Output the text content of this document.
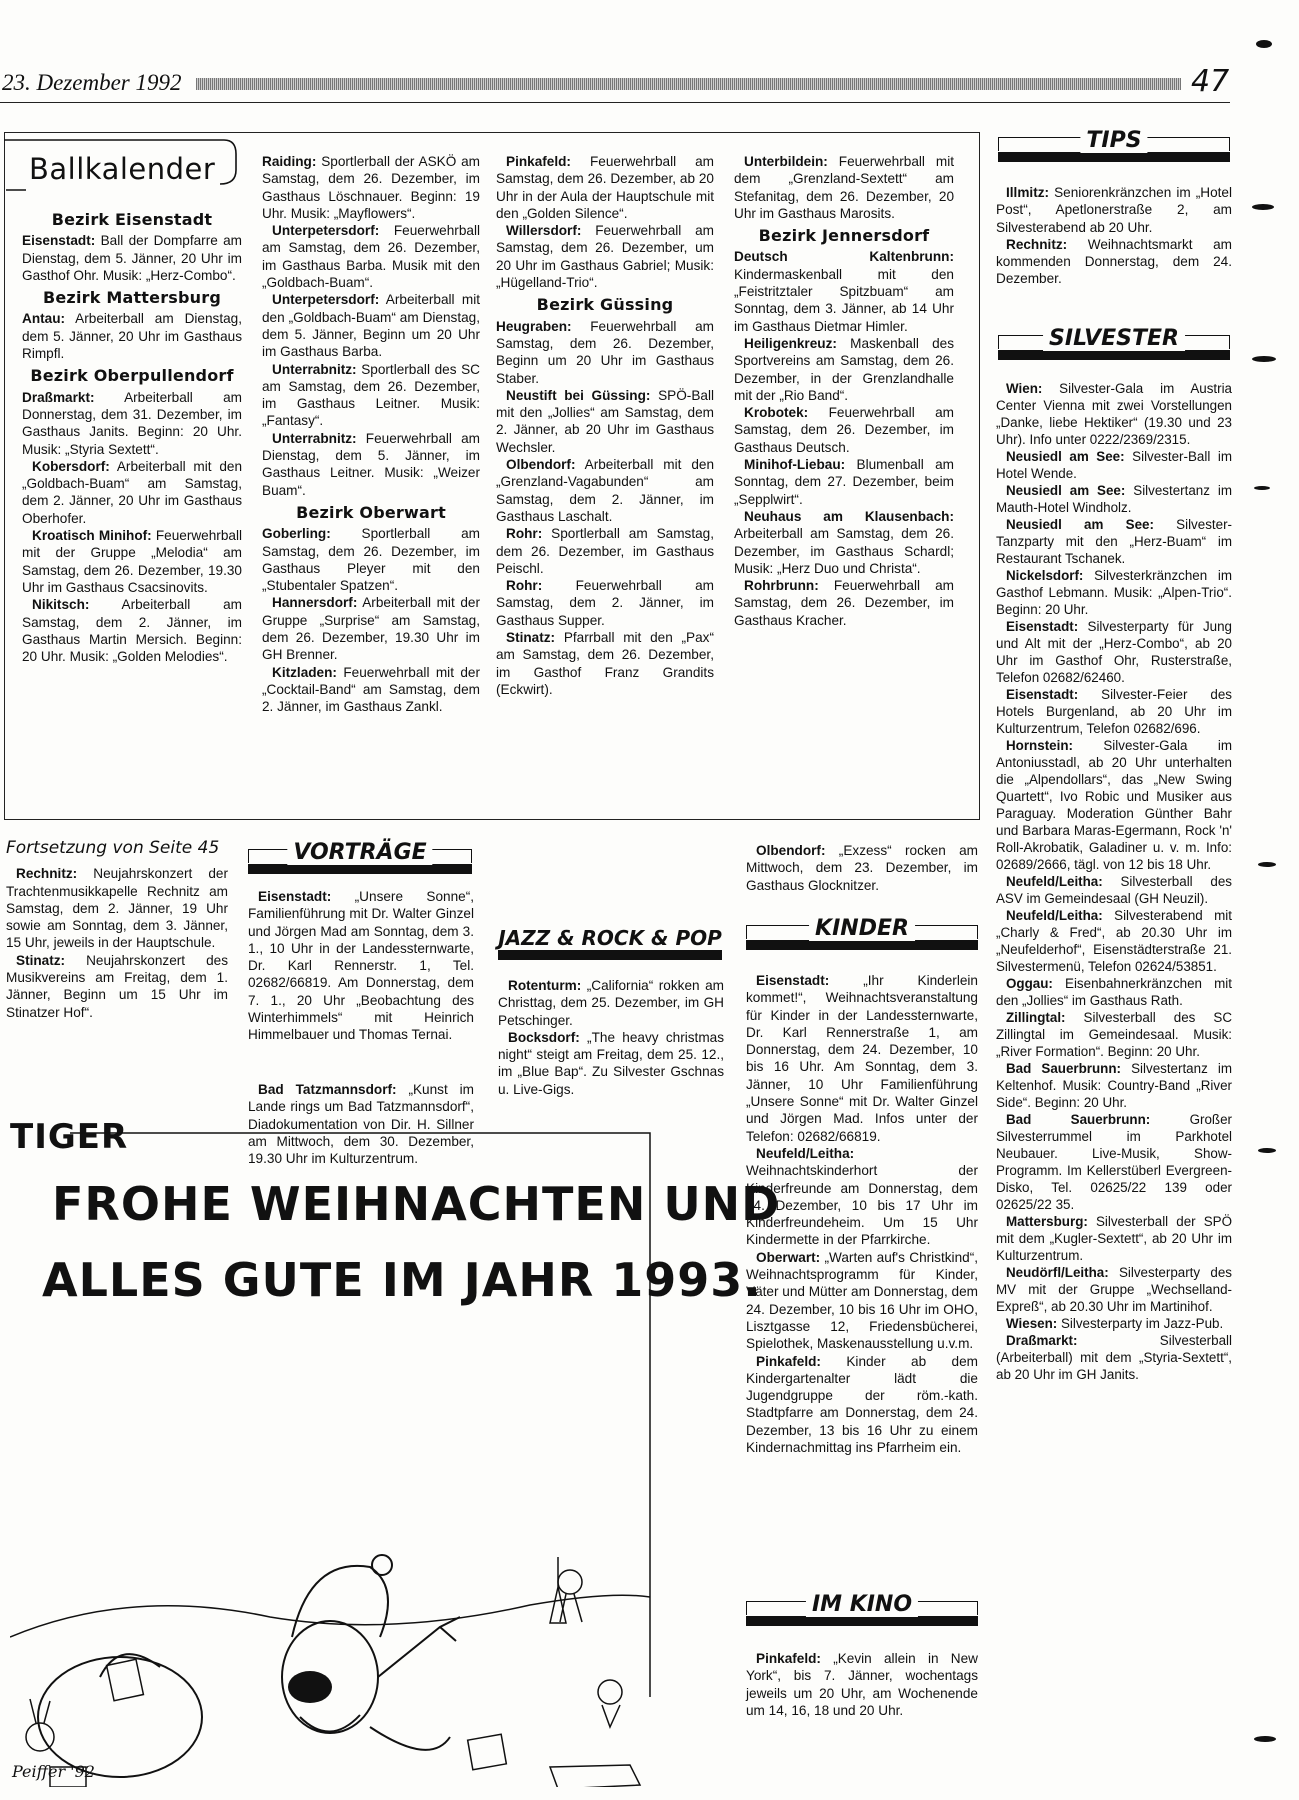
23. Dezember 1992	47
Ballkalender
Bezirk Eisenstadt

Eisenstadt: Ball der Dompfarre am Dienstag, dem 5. Jänner, 20 Uhr im Gasthof Ohr. Musik: „Herz-Combo“.

Bezirk Mattersburg

Antau: Arbeiterball am Dienstag, dem 5. Jänner, 20 Uhr im Gasthaus Rimpfl.

Bezirk Oberpullendorf

Draßmarkt: Arbeiterball am Donnerstag, dem 31. Dezember, im Gasthaus Janits. Beginn: 20 Uhr. Musik: „Styria Sextett“.

Kobersdorf: Arbeiterball mit den „Goldbach-Buam“ am Samstag, dem 2. Jänner, 20 Uhr im Gasthaus Oberhofer.

Kroatisch Minihof: Feuerwehrball mit der Gruppe „Melodia“ am Samstag, dem 26. Dezember, 19.30 Uhr im Gasthaus Csacsinovits.

Nikitsch: Arbeiterball am Samstag, dem 2. Jänner, im Gasthaus Martin Mersich. Beginn: 20 Uhr. Musik: „Golden Melodies“.

Raiding: Sportlerball der ASKÖ am Samstag, dem 26. Dezember, im Gasthaus Löschnauer. Beginn: 19 Uhr. Musik: „Mayflowers“.

Unterpetersdorf: Feuerwehrball am Samstag, dem 26. Dezember, im Gasthaus Barba. Musik mit den „Goldbach-Buam“.

Unterpetersdorf: Arbeiterball mit den „Goldbach-Buam“ am Dienstag, dem 5. Jänner, Beginn um 20 Uhr im Gasthaus Barba.

Unterrabnitz: Sportlerball des SC am Samstag, dem 26. Dezember, im Gasthaus Leitner. Musik: „Fantasy“.

Unterrabnitz: Feuerwehrball am Dienstag, dem 5. Jänner, im Gasthaus Leitner. Musik: „Weizer Buam“.

Bezirk Oberwart

Goberling: Sportlerball am Samstag, dem 26. Dezember, im Gasthaus Pleyer mit den „Stubentaler Spatzen“.

Hannersdorf: Arbeiterball mit der Gruppe „Surprise“ am Samstag, dem 26. Dezember, 19.30 Uhr im GH Brenner.

Kitzladen: Feuerwehrball mit der „Cocktail-Band“ am Samstag, dem 2. Jänner, im Gasthaus Zankl.

Pinkafeld: Feuerwehrball am Samstag, dem 26. Dezember, ab 20 Uhr in der Aula der Hauptschule mit den „Golden Silence“.

Willersdorf: Feuerwehrball am Samstag, dem 26. Dezember, um 20 Uhr im Gasthaus Gabriel; Musik: „Hügelland-Trio“.

Bezirk Güssing

Heugraben: Feuerwehrball am Samstag, dem 26. Dezember, Beginn um 20 Uhr im Gasthaus Staber.

Neustift bei Güssing: SPÖ-Ball mit den „Jollies“ am Samstag, dem 2. Jänner, ab 20 Uhr im Gasthaus Wechsler.

Olbendorf: Arbeiterball mit den „Grenzland-Vagabunden“ am Samstag, dem 2. Jänner, im Gasthaus Laschalt.

Rohr: Sportlerball am Samstag, dem 26. Dezember, im Gasthaus Peischl.

Rohr: Feuerwehrball am Samstag, dem 2. Jänner, im Gasthaus Supper.

Stinatz: Pfarrball mit den „Pax“ am Samstag, dem 26. Dezember, im Gasthof Franz Grandits (Eckwirt).

Unterbildein: Feuerwehrball mit dem „Grenzland-Sextett“ am Stefanitag, dem 26. Dezember, 20 Uhr im Gasthaus Marosits.

Bezirk Jennersdorf

Deutsch Kaltenbrunn: Kindermaskenball mit den „Feistritztaler Spitzbuam“ am Sonntag, dem 3. Jänner, ab 14 Uhr im Gasthaus Dietmar Himler.

Heiligenkreuz: Maskenball des Sportvereins am Samstag, dem 26. Dezember, in der Grenzlandhalle mit der „Rio Band“.

Krobotek: Feuerwehrball am Samstag, dem 26. Dezember, im Gasthaus Deutsch.

Minihof-Liebau: Blumenball am Sonntag, dem 27. Dezember, beim „Sepplwirt“.

Neuhaus am Klausenbach: Arbeiterball am Samstag, dem 26. Dezember, im Gasthaus Schardl; Musik: „Herz Duo und Christa“.

Rohrbrunn: Feuerwehrball am Samstag, dem 26. Dezember, im Gasthaus Kracher.

Fortsetzung von Seite 45

Rechnitz: Neujahrskonzert der Trachtenmusikkapelle Rechnitz am Samstag, dem 2. Jänner, 19 Uhr sowie am Sonntag, dem 3. Jänner, 15 Uhr, jeweils in der Hauptschule.

Stinatz: Neujahrskonzert des Musikvereins am Freitag, dem 1. Jänner, Beginn um 15 Uhr im Stinatzer Hof“.

VORTRÄGE

Eisenstadt: „Unsere Sonne“, Familienführung mit Dr. Walter Ginzel und Jörgen Mad am Sonntag, dem 3. 1., 10 Uhr in der Landessternwarte, Dr. Karl Rennerstr. 1, Tel. 02682/66819. Am Donnerstag, dem 7. 1., 20 Uhr „Beobachtung des Winterhimmels“ mit Heinrich Himmelbauer und Thomas Ternai.

Bad Tatzmannsdorf: „Kunst im Lande rings um Bad Tatzmannsdorf“, Diadokumentation von Dir. H. Sillner am Mittwoch, dem 30. Dezember, 19.30 Uhr im Kulturzentrum.

JAZZ & ROCK & POP

Rotenturm: „California“ rokken am Christtag, dem 25. Dezember, im GH Petschinger.

Bocksdorf: „The heavy christmas night“ steigt am Freitag, dem 25. 12., im „Blue Bap“. Zu Silvester Gschnas u. Live-Gigs.

Olbendorf: „Exzess“ rocken am Mittwoch, dem 23. Dezember, im Gasthaus Glocknitzer.

KINDER

Eisenstadt: „Ihr Kinderlein kommet!“, Weihnachtsveranstaltung für Kinder in der Landessternwarte, Dr. Karl Rennerstraße 1, am Donnerstag, dem 24. Dezember, 10 bis 16 Uhr. Am Sonntag, dem 3. Jänner, 10 Uhr Familienführung „Unsere Sonne“ mit Dr. Walter Ginzel und Jörgen Mad. Infos unter der Telefon: 02682/66819.

Neufeld/Leitha: Weihnachtskinderhort der Kinderfreunde am Donnerstag, dem 24. Dezember, 10 bis 17 Uhr im Kinderfreundeheim. Um 15 Uhr Kindermette in der Pfarrkirche.

Oberwart: „Warten auf's Christkind“, Weihnachtsprogramm für Kinder, Väter und Mütter am Donnerstag, dem 24. Dezember, 10 bis 16 Uhr im OHO, Lisztgasse 12, Friedensbücherei, Spielothek, Maskenausstellung u.v.m.

Pinkafeld: Kinder ab dem Kindergartenalter lädt die Jugendgruppe der röm.-kath. Stadtpfarre am Donnerstag, dem 24. Dezember, 13 bis 16 Uhr zu einem Kindernachmittag ins Pfarrheim ein.

IM KINO

Pinkafeld: „Kevin allein in New York“, bis 7. Jänner, wochentags jeweils um 20 Uhr, am Wochenende um 14, 16, 18 und 20 Uhr.

TIPS

Illmitz: Seniorenkränzchen im „Hotel Post“, Apetlonerstraße 2, am Silvesterabend ab 20 Uhr.

Rechnitz: Weihnachtsmarkt am kommenden Donnerstag, dem 24. Dezember.

SILVESTER

Wien: Silvester-Gala im Austria Center Vienna mit zwei Vorstellungen „Danke, liebe Hektiker“ (19.30 und 23 Uhr). Info unter 0222/2369/2315.

Neusiedl am See: Silvester-Ball im Hotel Wende.

Neusiedl am See: Silvestertanz im Mauth-Hotel Windholz.

Neusiedl am See: Silvester-Tanzparty mit den „Herz-Buam“ im Restaurant Tschanek.

Nickelsdorf: Silvesterkränzchen im Gasthof Lebmann. Musik: „Alpen-Trio“. Beginn: 20 Uhr.

Eisenstadt: Silvesterparty für Jung und Alt mit der „Herz-Combo“, ab 20 Uhr im Gasthof Ohr, Rusterstraße, Telefon 02682/62460.

Eisenstadt: Silvester-Feier des Hotels Burgenland, ab 20 Uhr im Kulturzentrum, Telefon 02682/696.

Hornstein: Silvester-Gala im Antoniusstadl, ab 20 Uhr unterhalten die „Alpendollars“, das „New Swing Quartett“, Ivo Robic und Musiker aus Paraguay. Moderation Günther Bahr und Barbara Maras-Egermann, Rock 'n' Roll-Akrobatik, Galadiner u. v. m. Info: 02689/2666, tägl. von 12 bis 18 Uhr.

Neufeld/Leitha: Silvesterball des ASV im Gemeindesaal (GH Neuzil).

Neufeld/Leitha: Silvesterabend mit „Charly & Fred“, ab 20.30 Uhr im „Neufelderhof“, Eisenstädterstraße 21. Silvestermenü, Telefon 02624/53851.

Oggau: Eisenbahnerkränzchen mit den „Jollies“ im Gasthaus Rath.

Zillingtal: Silvesterball des SC Zillingtal im Gemeindesaal. Musik: „River Formation“. Beginn: 20 Uhr.

Bad Sauerbrunn: Silvestertanz im Keltenhof. Musik: Country-Band „River Side“. Beginn: 20 Uhr.

Bad Sauerbrunn: Großer Silvesterrummel im Parkhotel Neubauer. Live-Musik, Show-Programm. Im Kellerstüberl Evergreen-Disko, Tel. 02625/22 139 oder 02625/22 35.

Mattersburg: Silvesterball der SPÖ mit dem „Kugler-Sextett“, ab 20 Uhr im Kulturzentrum.

Neudörfl/Leitha: Silvesterparty des MV mit der Gruppe „Wechselland-Expreß“, ab 20.30 Uhr im Martinihof.

Wiesen: Silvesterparty im Jazz-Pub.

Draßmarkt: Silvesterball (Arbeiterball) mit dem „Styria-Sextett“, ab 20 Uhr im GH Janits.

TIGER
FROHE WEIHNACHTEN UND
ALLES GUTE IM JAHR 1993.
Peiffer '92
